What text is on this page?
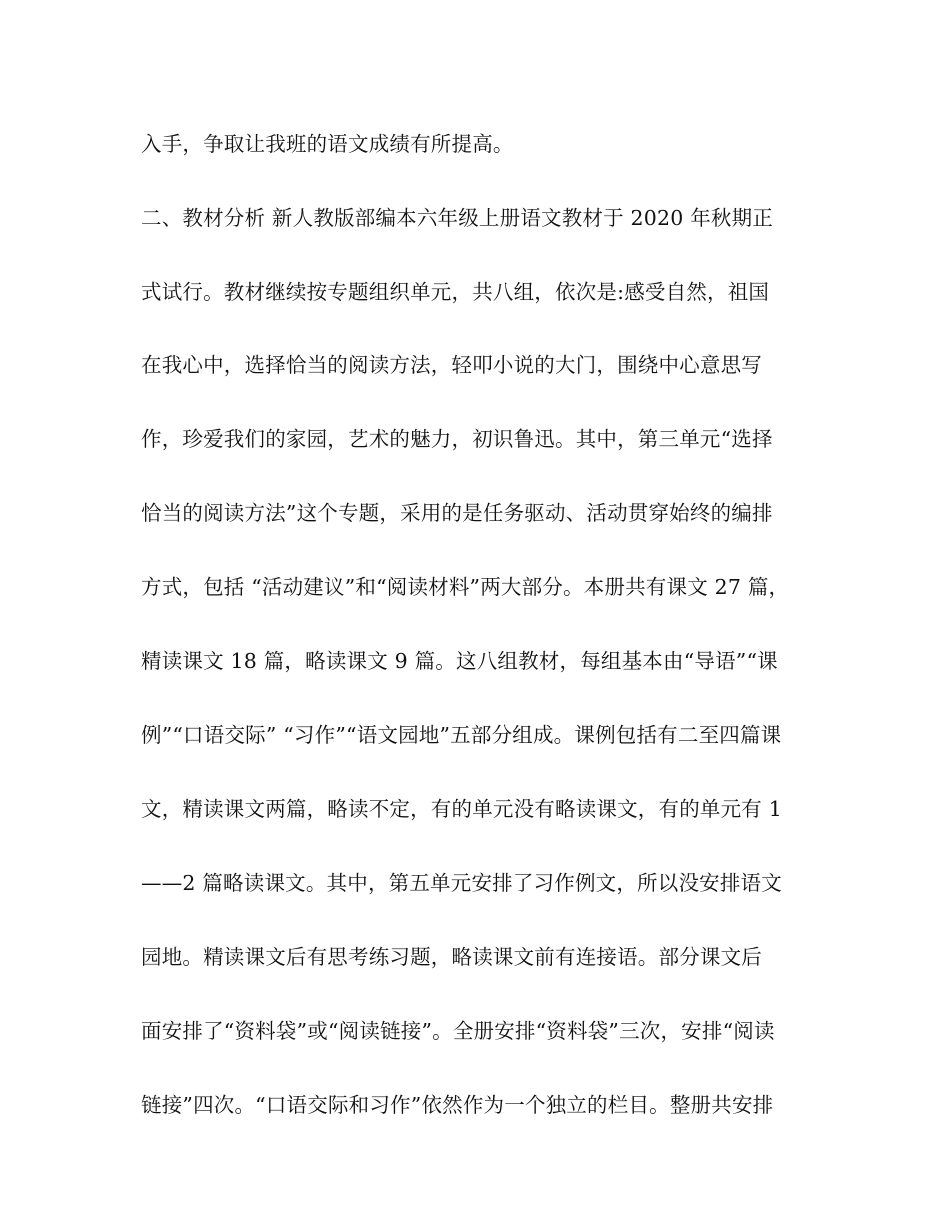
入手，争取让我班的语文成绩有所提高。
二、教材分析 新人教版部编本六年级上册语文教材于 2020 年秋期正
式试行。教材继续按专题组织单元，共八组，依次是:感受自然，祖国
在我心中，选择恰当的阅读方法，轻叩小说的大门，围绕中心意思写
作，珍爱我们的家园，艺术的魅力，初识鲁迅。其中，第三单元“选择
恰当的阅读方法”这个专题，采用的是任务驱动、活动贯穿始终的编排
方式，包括 “活动建议”和“阅读材料”两大部分。本册共有课文 27 篇，
精读课文 18 篇，略读课文 9 篇。这八组教材，每组基本由“导语”“课
例”“口语交际” “习作”“语文园地”五部分组成。课例包括有二至四篇课
文，精读课文两篇，略读不定，有的单元没有略读课文，有的单元有 1
——2 篇略读课文。其中，第五单元安排了习作例文，所以没安排语文
园地。精读课文后有思考练习题，略读课文前有连接语。部分课文后
面安排了“资料袋”或“阅读链接”。全册安排“资料袋”三次，安排“阅读
链接”四次。“口语交际和习作”依然作为一个独立的栏目。整册共安排
